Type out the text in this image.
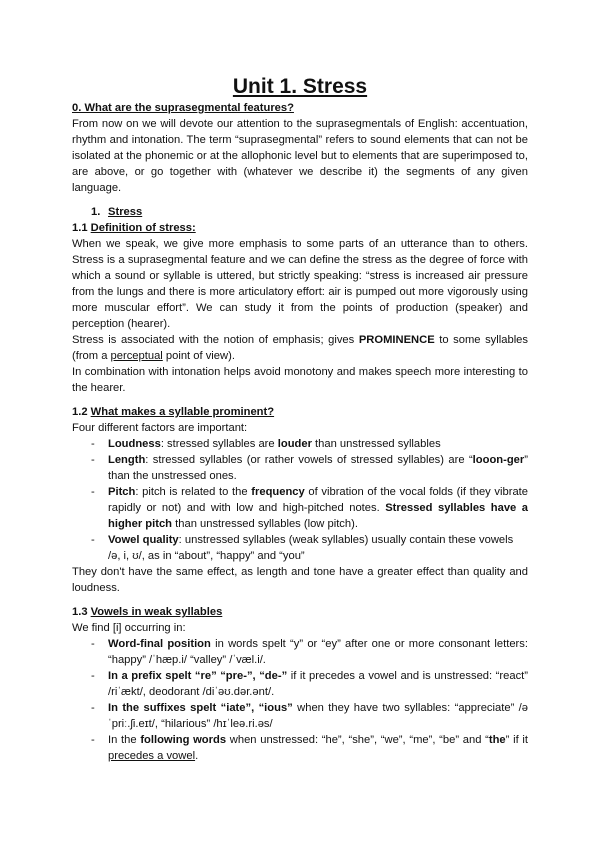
Unit 1. Stress
0. What are the suprasegmental features?
From now on we will devote our attention to the suprasegmentals of English: accentuation,
rhythm and intonation. The term “suprasegmental” refers to sound elements that can not be
isolated at the phonemic or at the allophonic level but to elements that are superimposed to,
are above, or go together with (whatever we describe it) the segments of any given
language.
1. Stress
1.1 Definition of stress:
When we speak, we give more emphasis to some parts of an utterance than to others.
Stress is a suprasegmental feature and we can define the stress as the degree of force with
which a sound or syllable is uttered, but strictly speaking: “stress is increased air pressure
from the lungs and there is more articulatory effort: air is pumped out more vigorously using
more muscular effort”. We can study it from the points of production (speaker) and
perception (hearer).
Stress is associated with the notion of emphasis; gives PROMINENCE to some syllables
(from a perceptual point of view).
In combination with intonation helps avoid monotony and makes speech more interesting to
the hearer.
1.2 What makes a syllable prominent?
Four different factors are important:
- Loudness: stressed syllables are louder than unstressed syllables
- Length: stressed syllables (or rather vowels of stressed syllables) are “looon-ger”
than the unstressed ones.
- Pitch: pitch is related to the frequency of vibration of the vocal folds (if they vibrate
rapidly or not) and with low and high-pitched notes. Stressed syllables have a
higher pitch than unstressed syllables (low pitch).
- Vowel quality: unstressed syllables (weak syllables) usually contain these vowels
/ə, i, ʊ/, as in “about”, “happy” and “you”
They don't have the same effect, as length and tone have a greater effect than quality and
loudness.
1.3 Vowels in weak syllables
We find [i] occurring in:
- Word-final position in words spelt “y” or “ey” after one or more consonant letters:
“happy” /ˈhæp.i/ “valley” /ˈvæl.i/.
- In a prefix spelt “re” “pre-”, “de-” if it precedes a vowel and is unstressed: “react”
/riˈækt/, deodorant /diˈəʊ.dər.ənt/.
- In the suffixes spelt “iate”, “ious” when they have two syllables: “appreciate” /ə
ˈpriː.ʃi.eɪt/, “hilarious” /hɪˈleə.ri.əs/
- In the following words when unstressed: “he”, “she”, “we”, “me”, “be” and “the” if it
precedes a vowel.
